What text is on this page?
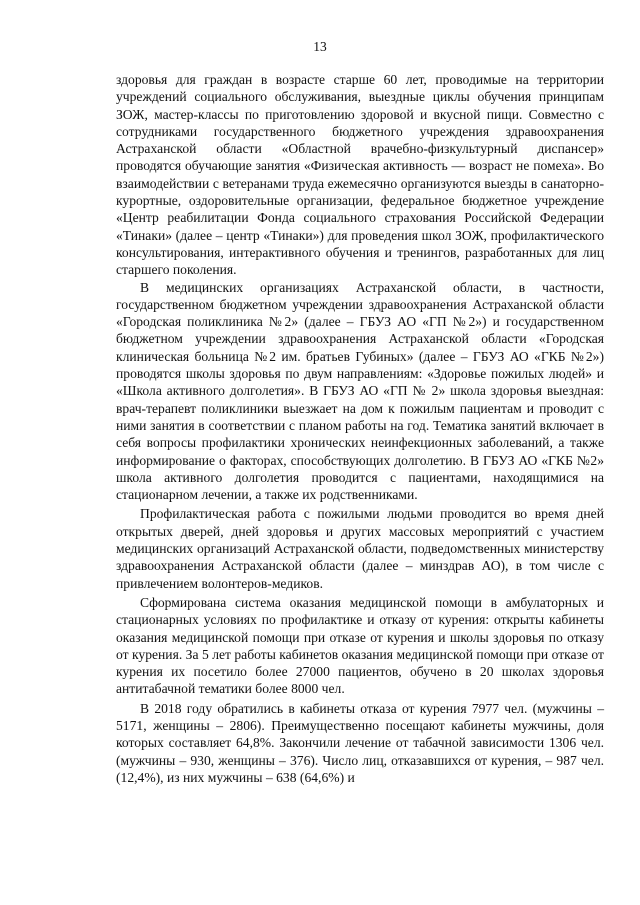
13

здоровья для граждан в возрасте старше 60 лет, проводимые на территории учреждений социального обслуживания, выездные циклы обучения принципам ЗОЖ, мастер-классы по приготовлению здоровой и вкусной пищи. Совместно с сотрудниками государственного бюджетного учреждения здравоохранения Астраханской области «Областной врачебно-физкультурный диспансер» проводятся обучающие занятия «Физическая активность — возраст не помеха». Во взаимодействии с ветеранами труда ежемесячно организуются выезды в санаторно-курортные, оздоровительные организации, федеральное бюджетное учреждение «Центр реабилитации Фонда социального страхования Российской Федерации «Тинаки» (далее – центр «Тинаки») для проведения школ ЗОЖ, профилактического консультирования, интерактивного обучения и тренингов, разработанных для лиц старшего поколения.

В медицинских организациях Астраханской области, в частности, государственном бюджетном учреждении здравоохранения Астраханской области «Городская поликлиника №2» (далее – ГБУЗ АО «ГП №2») и государственном бюджетном учреждении здравоохранения Астраханской области «Городская клиническая больница №2 им. братьев Губиных» (далее – ГБУЗ АО «ГКБ №2») проводятся школы здоровья по двум направлениям: «Здоровье пожилых людей» и «Школа активного долголетия». В ГБУЗ АО «ГП № 2» школа здоровья выездная: врач-терапевт поликлиники выезжает на дом к пожилым пациентам и проводит с ними занятия в соответствии с планом работы на год. Тематика занятий включает в себя вопросы профилактики хронических неинфекционных заболеваний, а также информирование о факторах, способствующих долголетию. В ГБУЗ АО «ГКБ №2» школа активного долголетия проводится с пациентами, находящимися на стационарном лечении, а также их родственниками.

Профилактическая работа с пожилыми людьми проводится во время дней открытых дверей, дней здоровья и других массовых мероприятий с участием медицинских организаций Астраханской области, подведомственных министерству здравоохранения Астраханской области (далее – минздрав АО), в том числе с привлечением волонтеров-медиков.

Сформирована система оказания медицинской помощи в амбулаторных и стационарных условиях по профилактике и отказу от курения: открыты кабинеты оказания медицинской помощи при отказе от курения и школы здоровья по отказу от курения. За 5 лет работы кабинетов оказания медицинской помощи при отказе от курения их посетило более 27000 пациентов, обучено в 20 школах здоровья антитабачной тематики более 8000 чел.

В 2018 году обратились в кабинеты отказа от курения 7977 чел. (мужчины – 5171, женщины – 2806). Преимущественно посещают кабинеты мужчины, доля которых составляет 64,8%. Закончили лечение от табачной зависимости 1306 чел. (мужчины – 930, женщины – 376). Число лиц, отказавшихся от курения, – 987 чел. (12,4%), из них мужчины – 638 (64,6%) и
